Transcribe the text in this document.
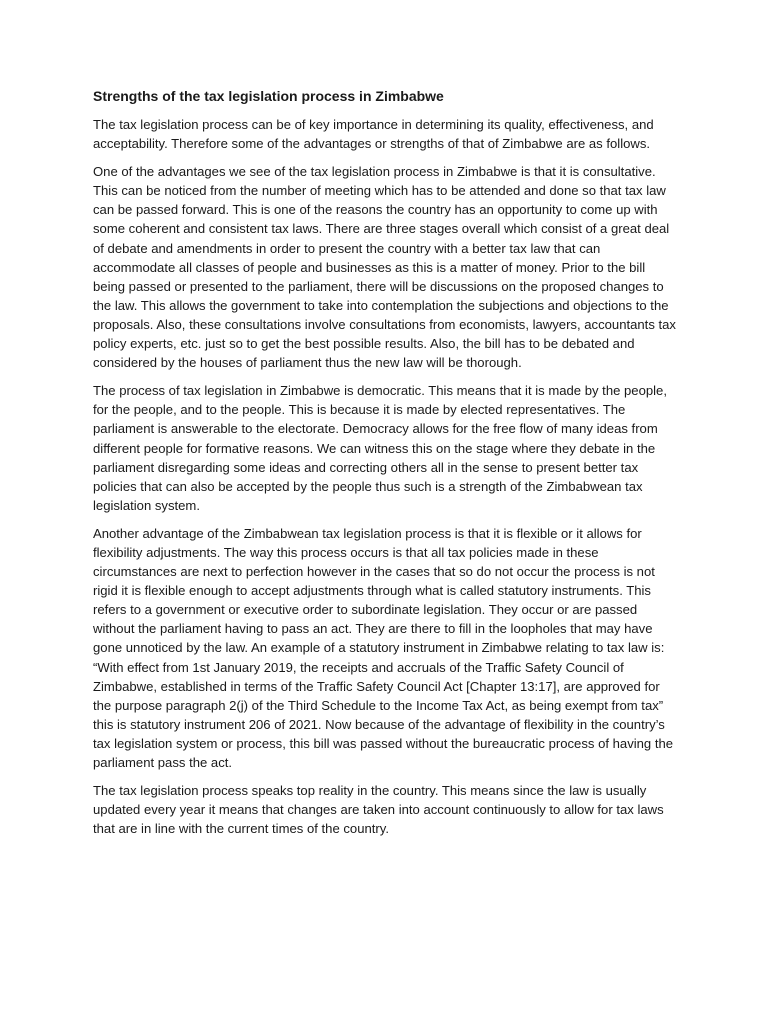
Strengths of the tax legislation process in Zimbabwe

The tax legislation process can be of key importance in determining its quality, effectiveness, and acceptability. Therefore some of the advantages or strengths of that of Zimbabwe are as follows.

One of the advantages we see of the tax legislation process in Zimbabwe is that it is consultative. This can be noticed from the number of meeting which has to be attended and done so that tax law can be passed forward. This is one of the reasons the country has an opportunity to come up with some coherent and consistent tax laws. There are three stages overall which consist of a great deal of debate and amendments in order to present the country with a better tax law that can accommodate all classes of people and businesses as this is a matter of money. Prior to the bill being passed or presented to the parliament, there will be discussions on the proposed changes to the law. This allows the government to take into contemplation the subjections and objections to the proposals. Also, these consultations involve consultations from economists, lawyers, accountants tax policy experts, etc. just so to get the best possible results. Also, the bill has to be debated and considered by the houses of parliament thus the new law will be thorough.

The process of tax legislation in Zimbabwe is democratic. This means that it is made by the people, for the people, and to the people. This is because it is made by elected representatives. The parliament is answerable to the electorate. Democracy allows for the free flow of many ideas from different people for formative reasons. We can witness this on the stage where they debate in the parliament disregarding some ideas and correcting others all in the sense to present better tax policies that can also be accepted by the people thus such is a strength of the Zimbabwean tax legislation system.

Another advantage of the Zimbabwean tax legislation process is that it is flexible or it allows for flexibility adjustments. The way this process occurs is that all tax policies made in these circumstances are next to perfection however in the cases that so do not occur the process is not rigid it is flexible enough to accept adjustments through what is called statutory instruments. This refers to a government or executive order to subordinate legislation. They occur or are passed without the parliament having to pass an act. They are there to fill in the loopholes that may have gone unnoticed by the law. An example of a statutory instrument in Zimbabwe relating to tax law is: “With effect from 1st January 2019, the receipts and accruals of the Traffic Safety Council of Zimbabwe, established in terms of the Traffic Safety Council Act [Chapter 13:17], are approved for the purpose paragraph 2(j) of the Third Schedule to the Income Tax Act, as being exempt from tax” this is statutory instrument 206 of 2021. Now because of the advantage of flexibility in the country’s tax legislation system or process, this bill was passed without the bureaucratic process of having the parliament pass the act.

The tax legislation process speaks top reality in the country. This means since the law is usually updated every year it means that changes are taken into account continuously to allow for tax laws that are in line with the current times of the country.
